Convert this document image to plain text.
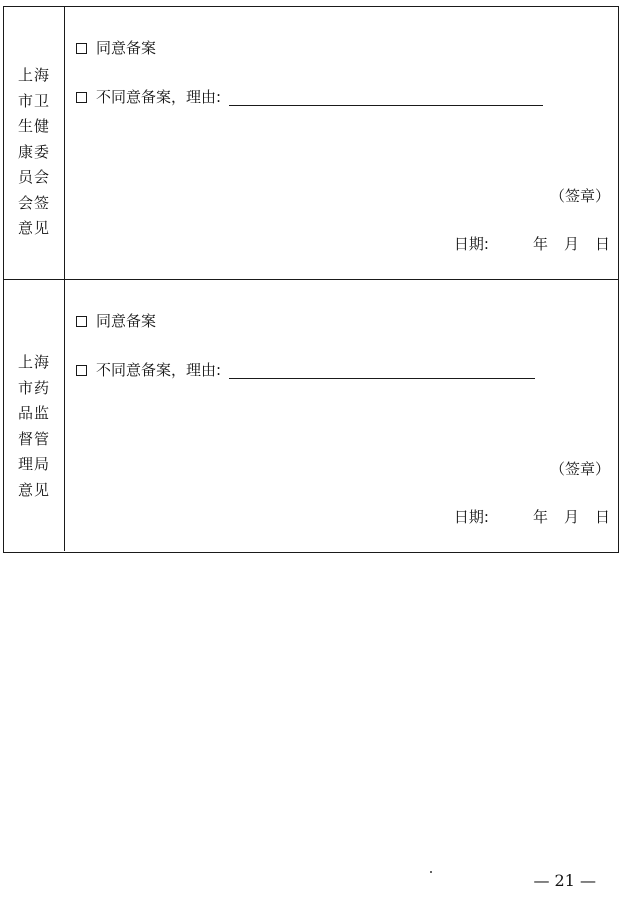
上海市卫生健康委员会会签意见
同意备案
不同意备案，理由:
（签章）
日期:	年 月 日
上海市药品监督管理局意见
同意备案
不同意备案，理由:
（签章）
日期:	年 月 日
— 21 —
